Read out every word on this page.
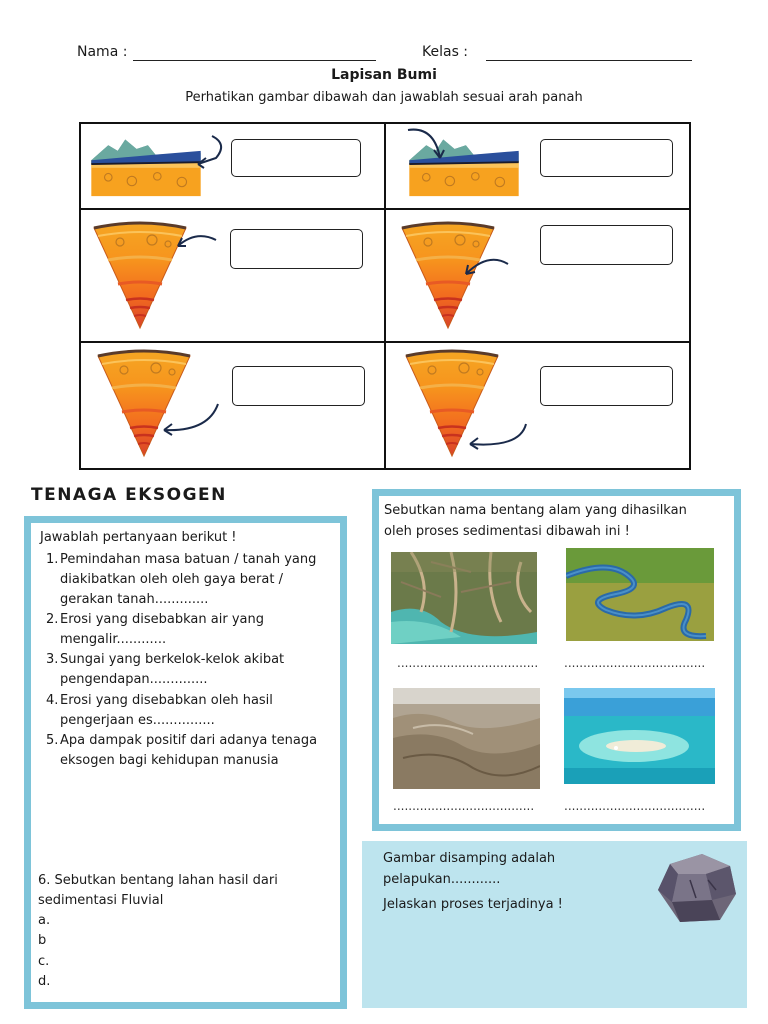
Nama :	Kelas :
Lapisan Bumi
Perhatikan gambar dibawah dan jawablah sesuai arah panah
TENAGA EKSOGEN
Jawablah pertanyaan berikut !
1. Pemindahan masa batuan / tanah yang
diakibatkan oleh oleh gaya berat /
gerakan tanah.............
2. Erosi yang disebabkan air yang
mengalir............
3. Sungai yang berkelok-kelok akibat
pengendapan..............
4. Erosi yang disebabkan oleh hasil
pengerjaan es...............
5. Apa dampak positif dari adanya tenaga
eksogen bagi kehidupan manusia
6. Sebutkan bentang lahan hasil dari
sedimentasi Fluvial
a.
b
c.
d.
Sebutkan nama bentang alam yang dihasilkan
oleh proses sedimentasi dibawah ini !
..................................... .....................................
..................................... .....................................
Gambar disamping adalah
pelapukan............
Jelaskan proses terjadinya !
